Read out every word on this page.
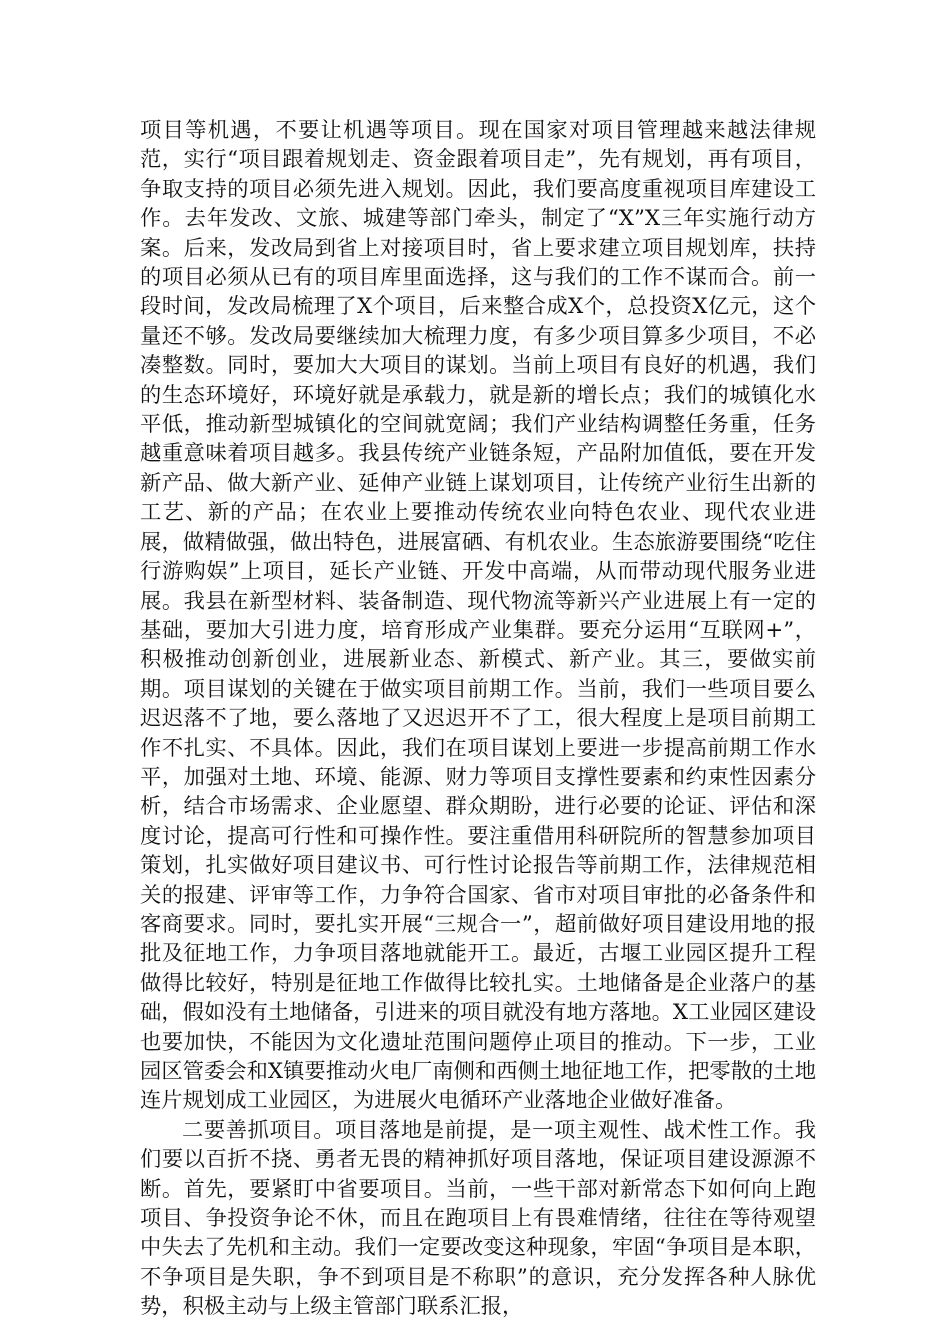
项目等机遇，不要让机遇等项目。现在国家对项目管理越来越法律规范，实行“项目跟着规划走、资金跟着项目走”，先有规划，再有项目，争取支持的项目必须先进入规划。因此，我们要高度重视项目库建设工作。去年发改、文旅、城建等部门牵头，制定了“X”X三年实施行动方案。后来，发改局到省上对接项目时，省上要求建立项目规划库，扶持的项目必须从已有的项目库里面选择，这与我们的工作不谋而合。前一段时间，发改局梳理了X个项目，后来整合成X个，总投资X亿元，这个量还不够。发改局要继续加大梳理力度，有多少项目算多少项目，不必凑整数。同时，要加大大项目的谋划。当前上项目有良好的机遇，我们的生态环境好，环境好就是承载力，就是新的增长点；我们的城镇化水平低，推动新型城镇化的空间就宽阔；我们产业结构调整任务重，任务越重意味着项目越多。我县传统产业链条短，产品附加值低，要在开发新产品、做大新产业、延伸产业链上谋划项目，让传统产业衍生出新的工艺、新的产品；在农业上要推动传统农业向特色农业、现代农业进展，做精做强，做出特色，进展富硒、有机农业。生态旅游要围绕“吃住行游购娱”上项目，延长产业链、开发中高端，从而带动现代服务业进展。我县在新型材料、装备制造、现代物流等新兴产业进展上有一定的基础，要加大引进力度，培育形成产业集群。要充分运用“互联网+”，积极推动创新创业，进展新业态、新模式、新产业。其三，要做实前期。项目谋划的关键在于做实项目前期工作。当前，我们一些项目要么迟迟落不了地，要么落地了又迟迟开不了工，很大程度上是项目前期工作不扎实、不具体。因此，我们在项目谋划上要进一步提高前期工作水平，加强对土地、环境、能源、财力等项目支撑性要素和约束性因素分析，结合市场需求、企业愿望、群众期盼，进行必要的论证、评估和深度讨论，提高可行性和可操作性。要注重借用科研院所的智慧参加项目策划，扎实做好项目建议书、可行性讨论报告等前期工作，法律规范相关的报建、评审等工作，力争符合国家、省市对项目审批的必备条件和客商要求。同时，要扎实开展“三规合一”，超前做好项目建设用地的报批及征地工作，力争项目落地就能开工。最近，古堰工业园区提升工程做得比较好，特别是征地工作做得比较扎实。土地储备是企业落户的基础，假如没有土地储备，引进来的项目就没有地方落地。X工业园区建设也要加快，不能因为文化遗址范围问题停止项目的推动。下一步，工业园区管委会和X镇要推动火电厂南侧和西侧土地征地工作，把零散的土地连片规划成工业园区，为进展火电循环产业落地企业做好准备。

二要善抓项目。项目落地是前提，是一项主观性、战术性工作。我们要以百折不挠、勇者无畏的精神抓好项目落地，保证项目建设源源不断。首先，要紧盯中省要项目。当前，一些干部对新常态下如何向上跑项目、争投资争论不休，而且在跑项目上有畏难情绪，往往在等待观望中失去了先机和主动。我们一定要改变这种现象，牢固“争项目是本职，不争项目是失职，争不到项目是不称职”的意识，充分发挥各种人脉优势，积极主动与上级主管部门联系汇报，
